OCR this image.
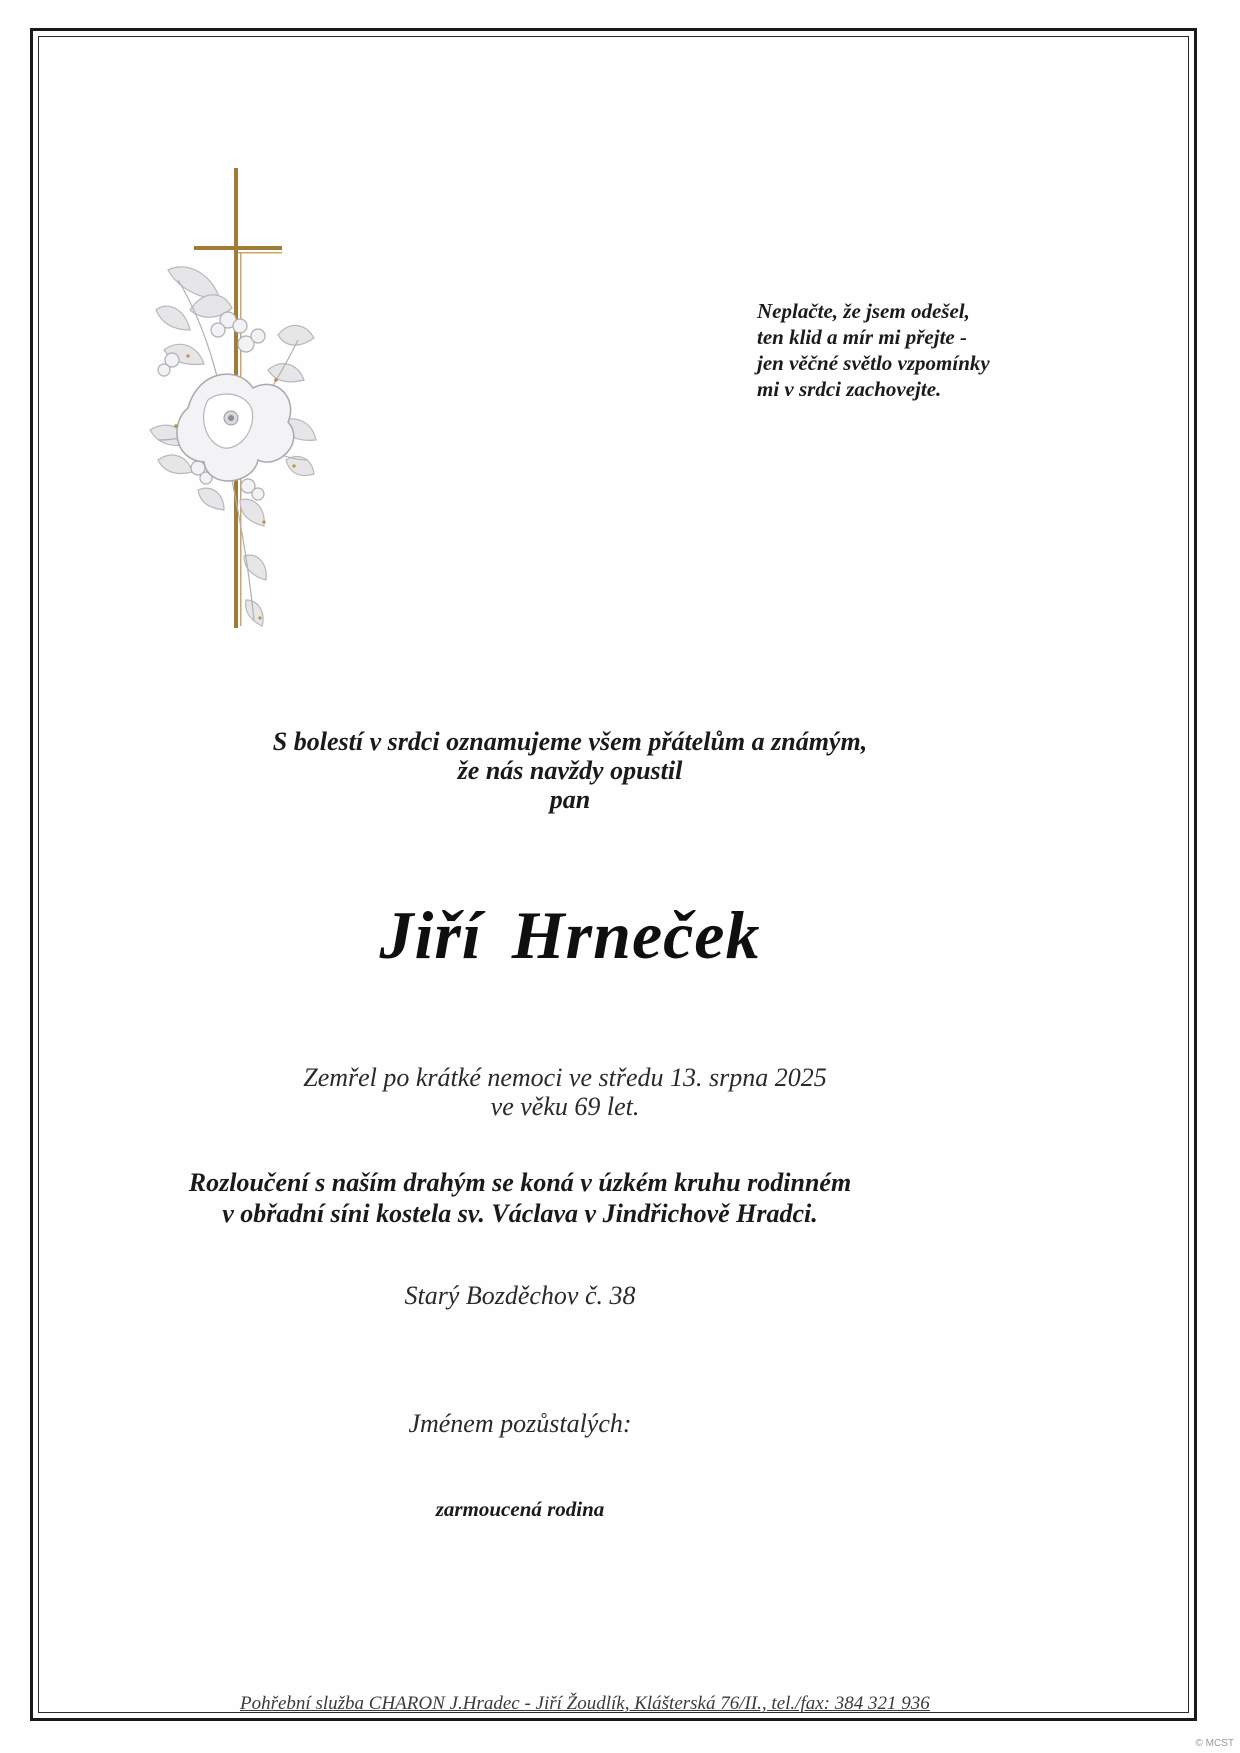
Neplačte, že jsem odešel,
ten klid a mír mi přejte -
jen věčné světlo vzpomínky
mi v srdci zachovejte.
S bolestí v srdci oznamujeme všem přátelům a známým,
že nás navždy opustil
pan
Jiří Hrneček
Zemřel po krátké nemoci ve středu 13. srpna 2025
ve věku 69 let.
Rozloučení s naším drahým se koná v úzkém kruhu rodinném
v obřadní síni kostela sv. Václava v Jindřichově Hradci.
Starý Bozděchov č. 38
Jménem pozůstalých:
zarmoucená rodina
Pohřební služba CHARON J.Hradec - Jiří Žoudlík, Klášterská 76/II., tel./fax: 384 321 936
© MCST
